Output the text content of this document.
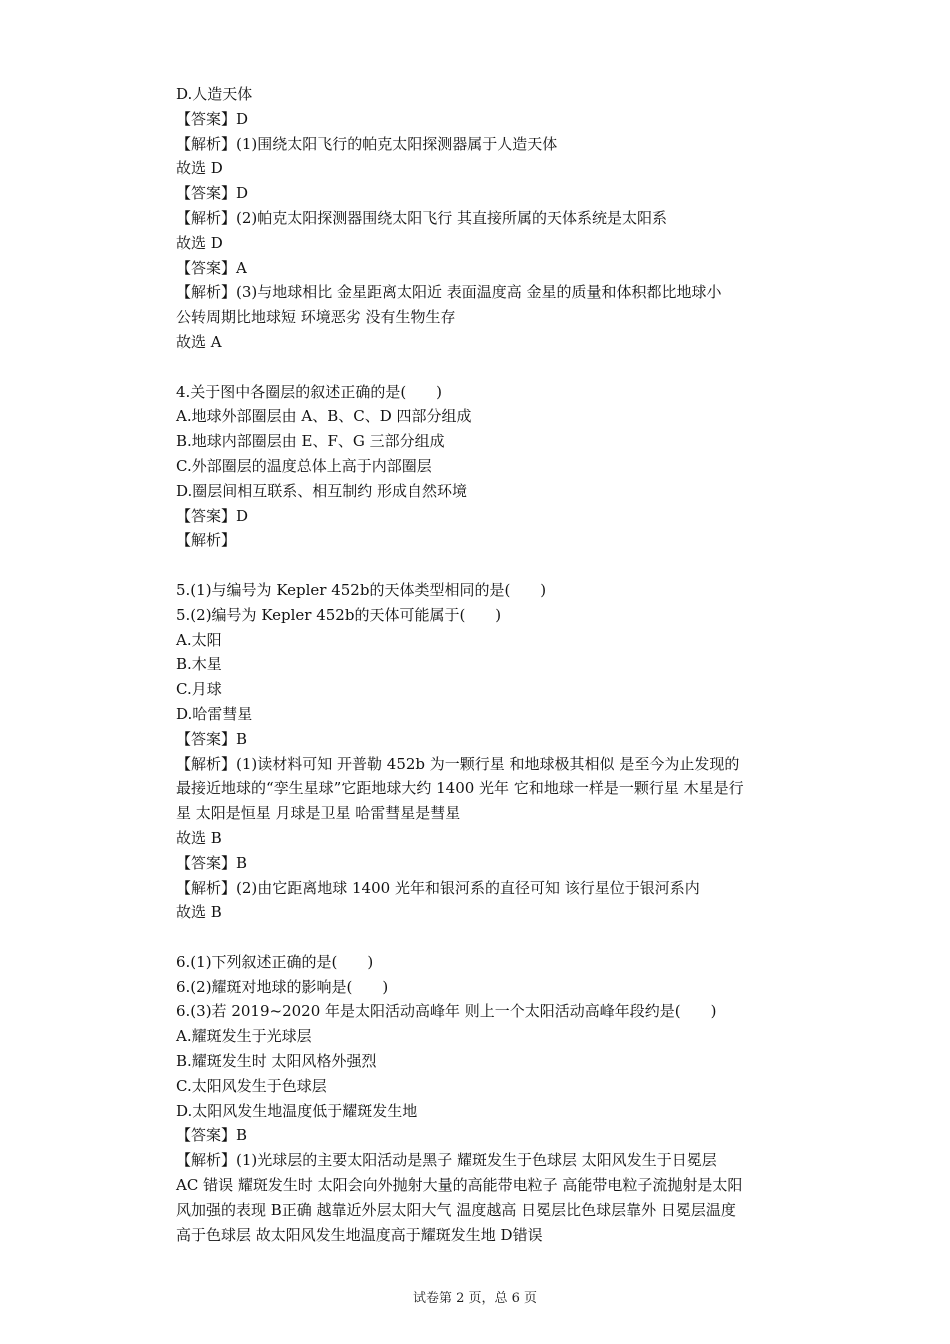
D.人造天体
【答案】D
【解析】(1)围绕太阳飞行的帕克太阳探测器属于人造天体
故选 D
【答案】D
【解析】(2)帕克太阳探测器围绕太阳飞行 其直接所属的天体系统是太阳系
故选 D
【答案】A
【解析】(3)与地球相比 金星距离太阳近 表面温度高 金星的质量和体积都比地球小
公转周期比地球短 环境恶劣 没有生物生存
故选 A
4.关于图中各圈层的叙述正确的是(　　)
A.地球外部圈层由 A、B、C、D 四部分组成
B.地球内部圈层由 E、F、G 三部分组成
C.外部圈层的温度总体上高于内部圈层
D.圈层间相互联系、相互制约 形成自然环境
【答案】D
【解析】
5.(1)与编号为 Kepler 452b的天体类型相同的是(　　)
5.(2)编号为 Kepler 452b的天体可能属于(　　)
A.太阳
B.木星
C.月球
D.哈雷彗星
【答案】B
【解析】(1)读材料可知 开普勒 452b 为一颗行星 和地球极其相似 是至今为止发现的
最接近地球的“孪生星球”它距地球大约 1400 光年 它和地球一样是一颗行星 木星是行
星 太阳是恒星 月球是卫星 哈雷彗星是彗星
故选 B
【答案】B
【解析】(2)由它距离地球 1400 光年和银河系的直径可知 该行星位于银河系内
故选 B
6.(1)下列叙述正确的是(　　)
6.(2)耀斑对地球的影响是(　　)
6.(3)若 2019~2020 年是太阳活动高峰年 则上一个太阳活动高峰年段约是(　　)
A.耀斑发生于光球层
B.耀斑发生时 太阳风格外强烈
C.太阳风发生于色球层
D.太阳风发生地温度低于耀斑发生地
【答案】B
【解析】(1)光球层的主要太阳活动是黑子 耀斑发生于色球层 太阳风发生于日冕层
AC 错误 耀斑发生时 太阳会向外抛射大量的高能带电粒子 高能带电粒子流抛射是太阳
风加强的表现 B正确 越靠近外层太阳大气 温度越高 日冕层比色球层靠外 日冕层温度
高于色球层 故太阳风发生地温度高于耀斑发生地 D错误
试卷第 2 页，总 6 页
